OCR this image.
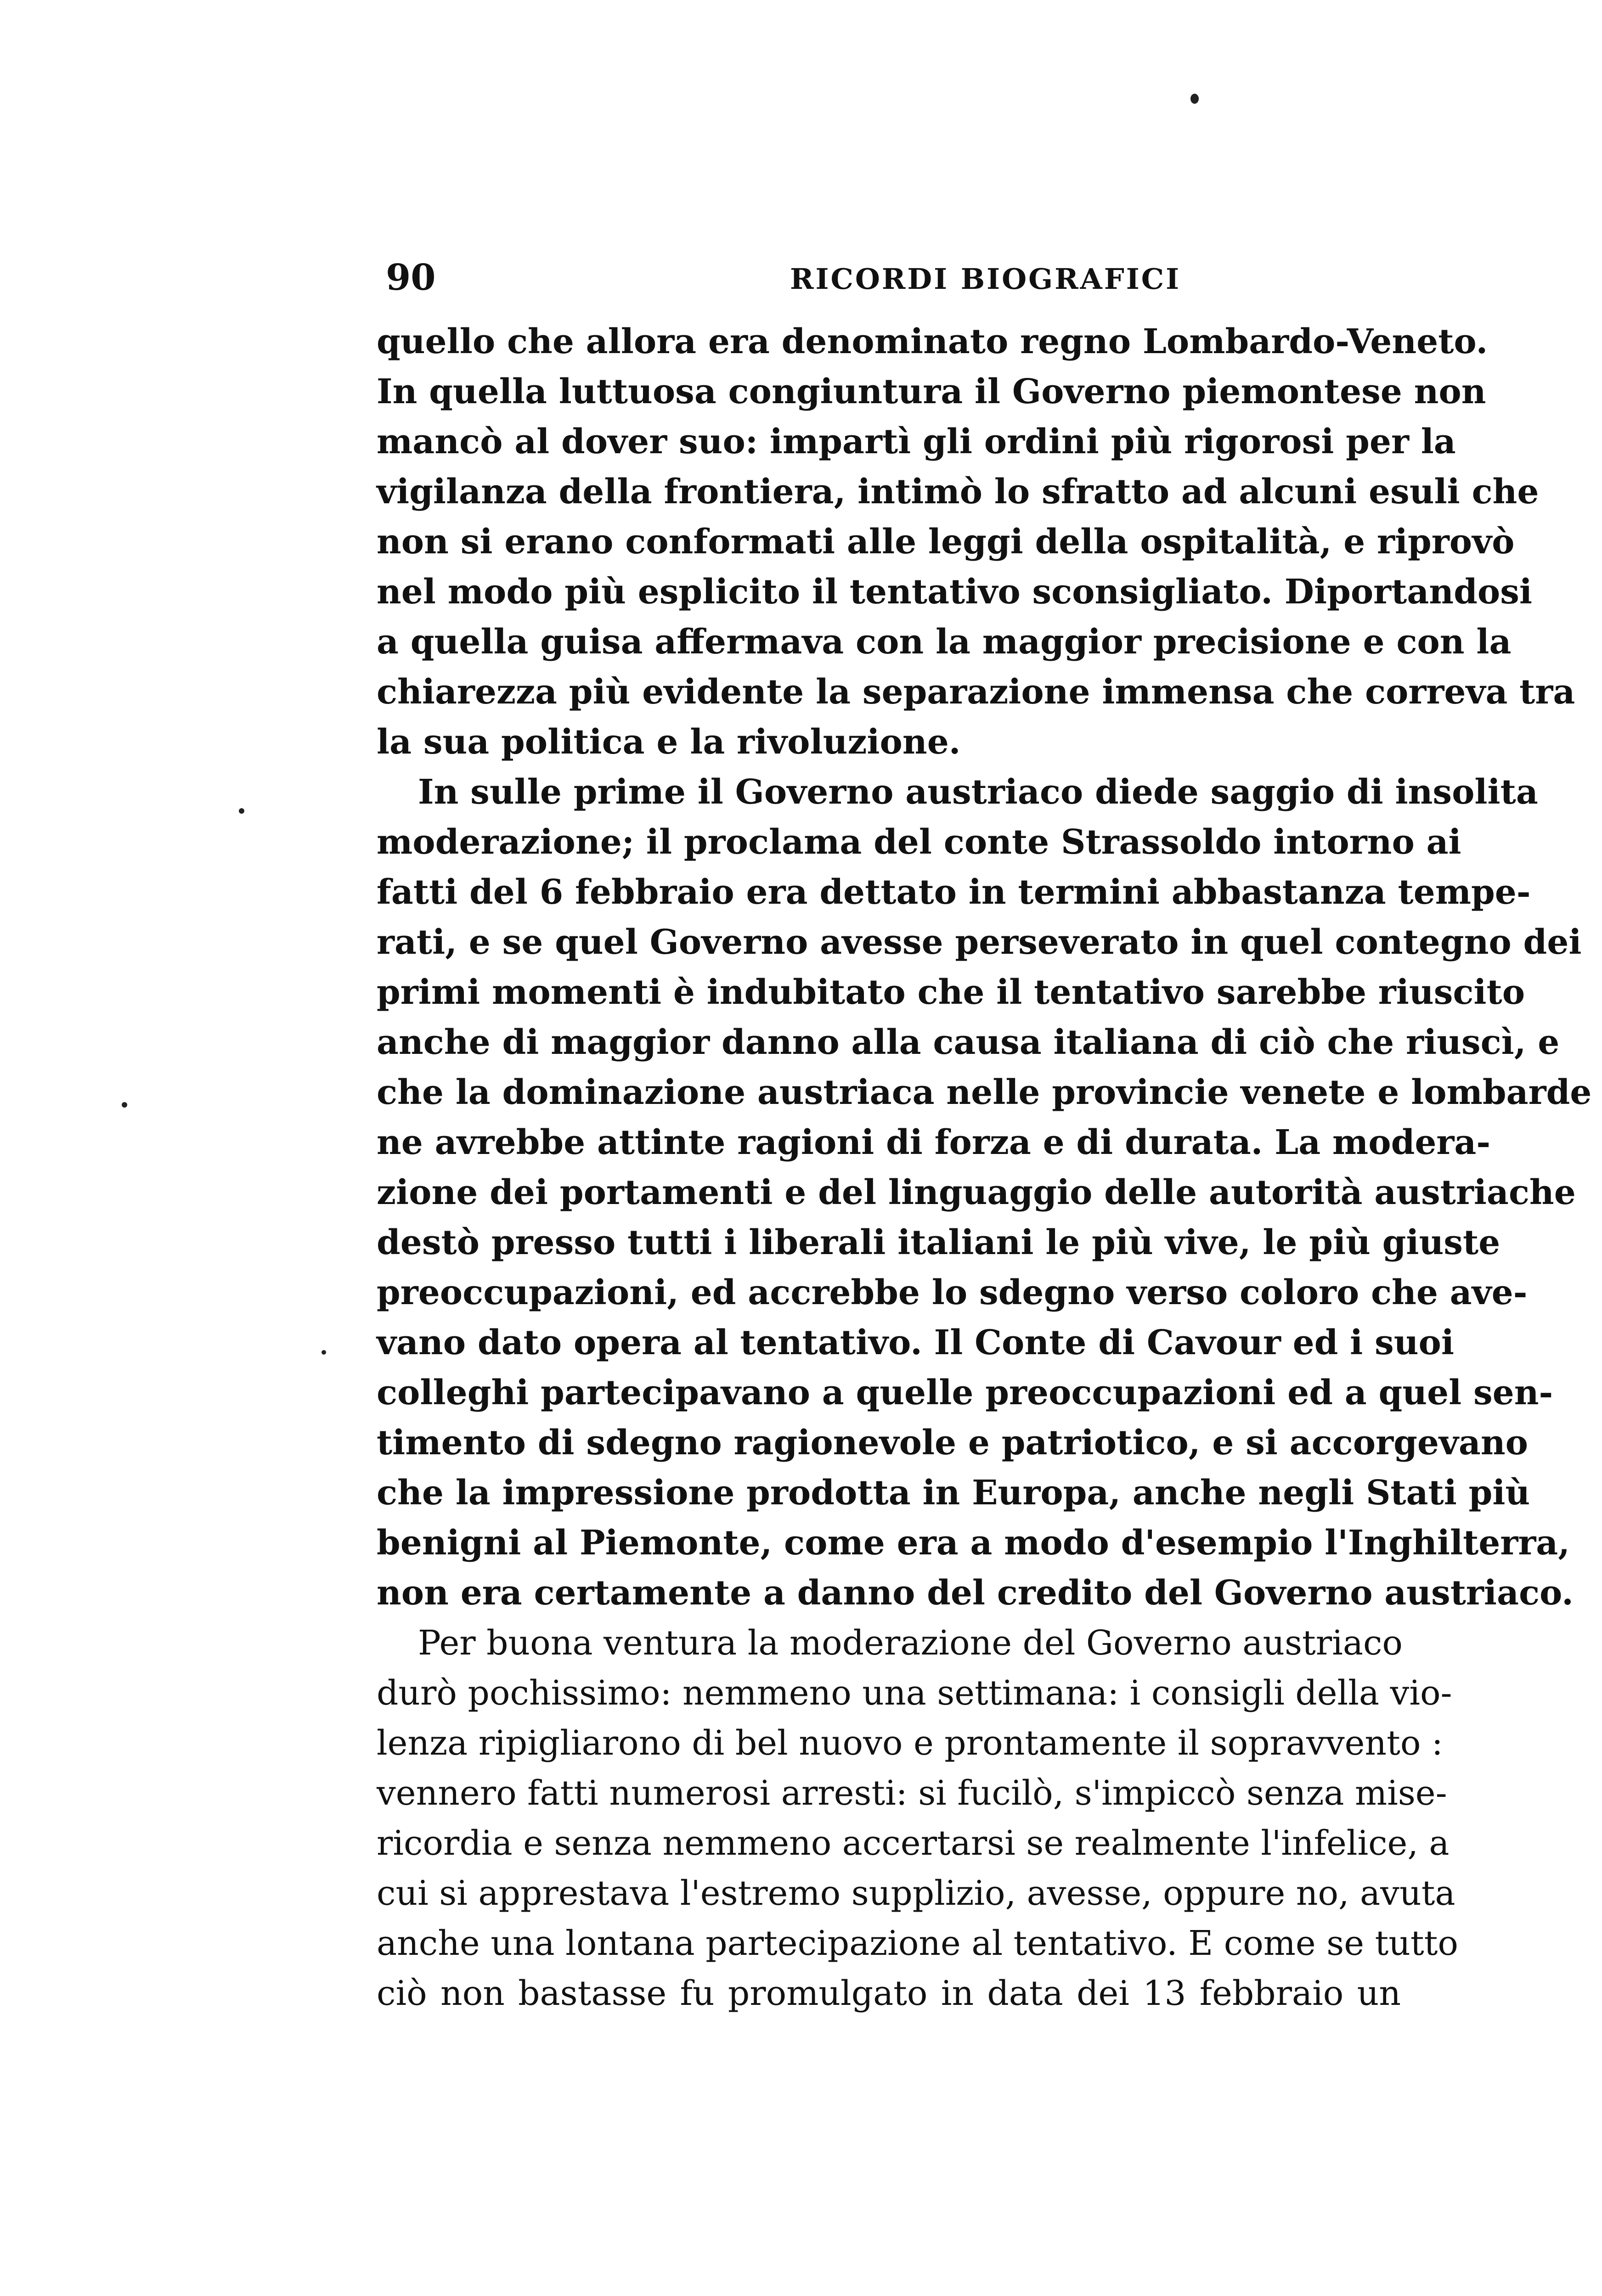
90	RICORDI BIOGRAFICI
quello che allora era denominato regno Lombardo-Veneto.
In quella luttuosa congiuntura il Governo piemontese non
mancò al dover suo: impartì gli ordini più rigorosi per la
vigilanza della frontiera, intimò lo sfratto ad alcuni esuli che
non si erano conformati alle leggi della ospitalità, e riprovò
nel modo più esplicito il tentativo sconsigliato. Diportandosi
a quella guisa affermava con la maggior precisione e con la
chiarezza più evidente la separazione immensa che correva tra
la sua politica e la rivoluzione.
In sulle prime il Governo austriaco diede saggio di insolita
moderazione; il proclama del conte Strassoldo intorno ai
fatti del 6 febbraio era dettato in termini abbastanza tempe-
rati, e se quel Governo avesse perseverato in quel contegno dei
primi momenti è indubitato che il tentativo sarebbe riuscito
anche di maggior danno alla causa italiana di ciò che riuscì, e
che la dominazione austriaca nelle provincie venete e lombarde
ne avrebbe attinte ragioni di forza e di durata. La modera-
zione dei portamenti e del linguaggio delle autorità austriache
destò presso tutti i liberali italiani le più vive, le più giuste
preoccupazioni, ed accrebbe lo sdegno verso coloro che ave-
vano dato opera al tentativo. Il Conte di Cavour ed i suoi
colleghi partecipavano a quelle preoccupazioni ed a quel sen-
timento di sdegno ragionevole e patriotico, e si accorgevano
che la impressione prodotta in Europa, anche negli Stati più
benigni al Piemonte, come era a modo d'esempio l'Inghilterra,
non era certamente a danno del credito del Governo austriaco.
Per buona ventura la moderazione del Governo austriaco
durò pochissimo: nemmeno una settimana: i consigli della vio-
lenza ripigliarono di bel nuovo e prontamente il sopravvento :
vennero fatti numerosi arresti: si fucilò, s'impiccò senza mise-
ricordia e senza nemmeno accertarsi se realmente l'infelice, a
cui si apprestava l'estremo supplizio, avesse, oppure no, avuta
anche una lontana partecipazione al tentativo. E come se tutto
ciò non bastasse fu promulgato in data dei 13 febbraio un
